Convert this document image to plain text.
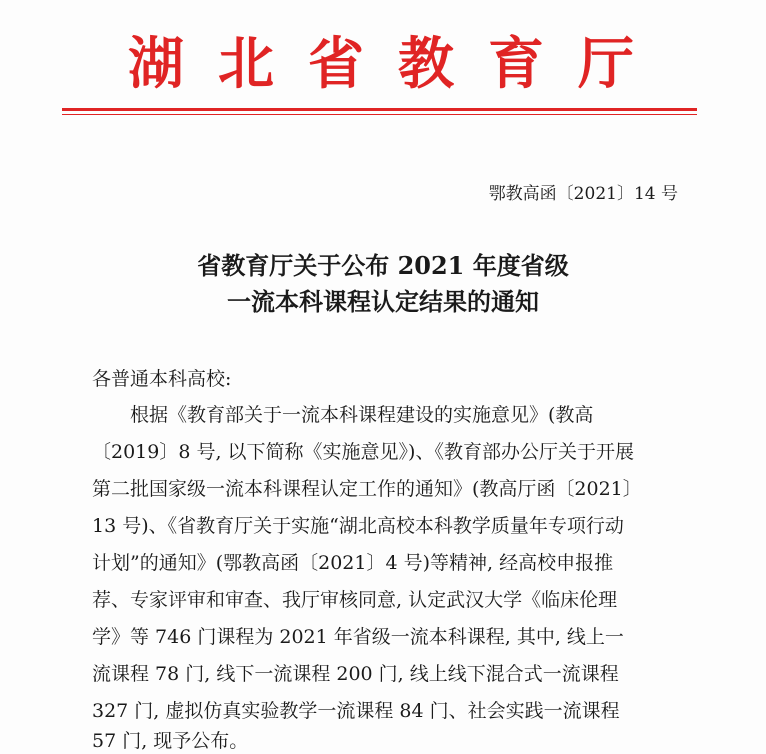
湖 北 省 教 育 厅
鄂教高函〔2021〕14 号
省教育厅关于公布 2021 年度省级
一流本科课程认定结果的通知
各普通本科高校:
根据《教育部关于一流本科课程建设的实施意见》(教高
〔2019〕8 号, 以下简称《实施意见》)、《教育部办公厅关于开展
第二批国家级一流本科课程认定工作的通知》(教高厅函〔2021〕
13 号)、《省教育厅关于实施“湖北高校本科教学质量年专项行动
计划”的通知》(鄂教高函〔2021〕4 号)等精神, 经高校申报推
荐、专家评审和审查、我厅审核同意, 认定武汉大学《临床伦理
学》等 746 门课程为 2021 年省级一流本科课程, 其中, 线上一
流课程 78 门, 线下一流课程 200 门, 线上线下混合式一流课程
327 门, 虚拟仿真实验教学一流课程 84 门、社会实践一流课程
57 门, 现予公布。
